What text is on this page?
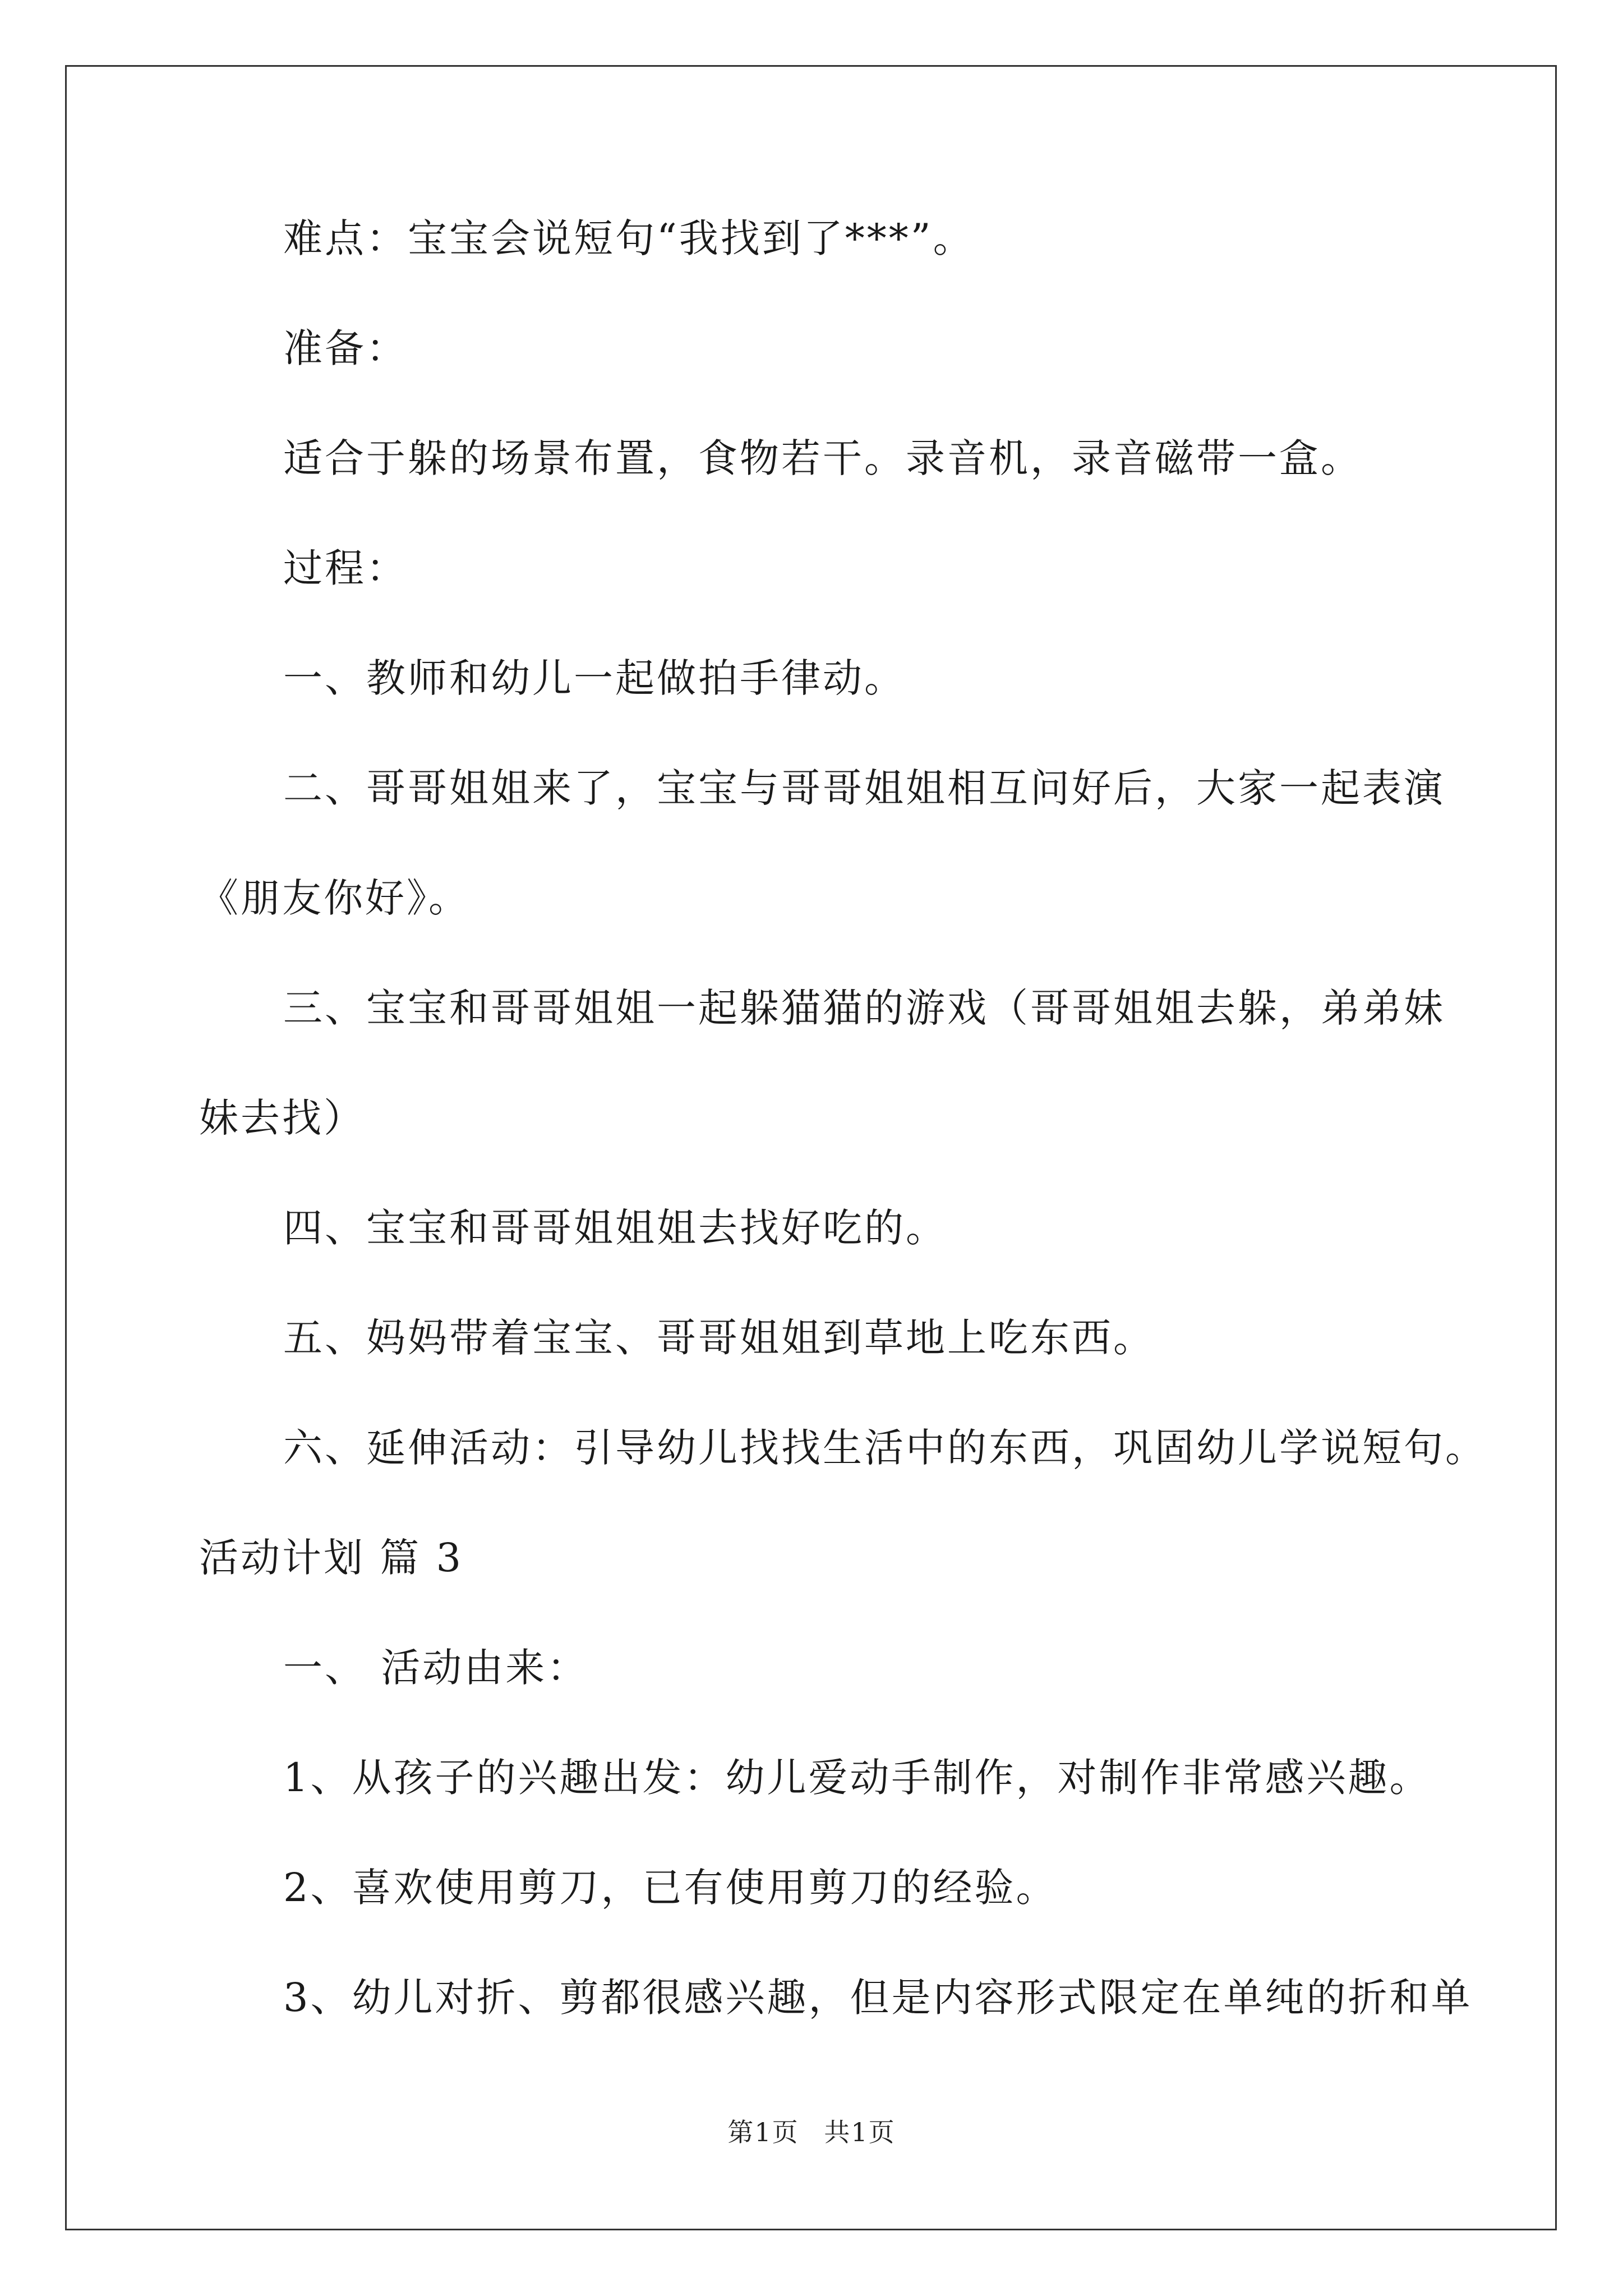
难点：宝宝会说短句“我找到了***”。
准备：
适合于躲的场景布置，食物若干。录音机，录音磁带一盒。
过程：
一、教师和幼儿一起做拍手律动。
二、哥哥姐姐来了，宝宝与哥哥姐姐相互问好后，大家一起表演
《朋友你好》。
三、宝宝和哥哥姐姐一起躲猫猫的游戏（哥哥姐姐去躲，弟弟妹
妹去找）
四、宝宝和哥哥姐姐姐去找好吃的。
五、妈妈带着宝宝、哥哥姐姐到草地上吃东西。
六、延伸活动：引导幼儿找找生活中的东西，巩固幼儿学说短句。
活动计划 篇 3
一、 活动由来：
1、从孩子的兴趣出发：幼儿爱动手制作，对制作非常感兴趣。
2、喜欢使用剪刀，已有使用剪刀的经验。
3、幼儿对折、剪都很感兴趣，但是内容形式限定在单纯的折和单
第1页 共1页
